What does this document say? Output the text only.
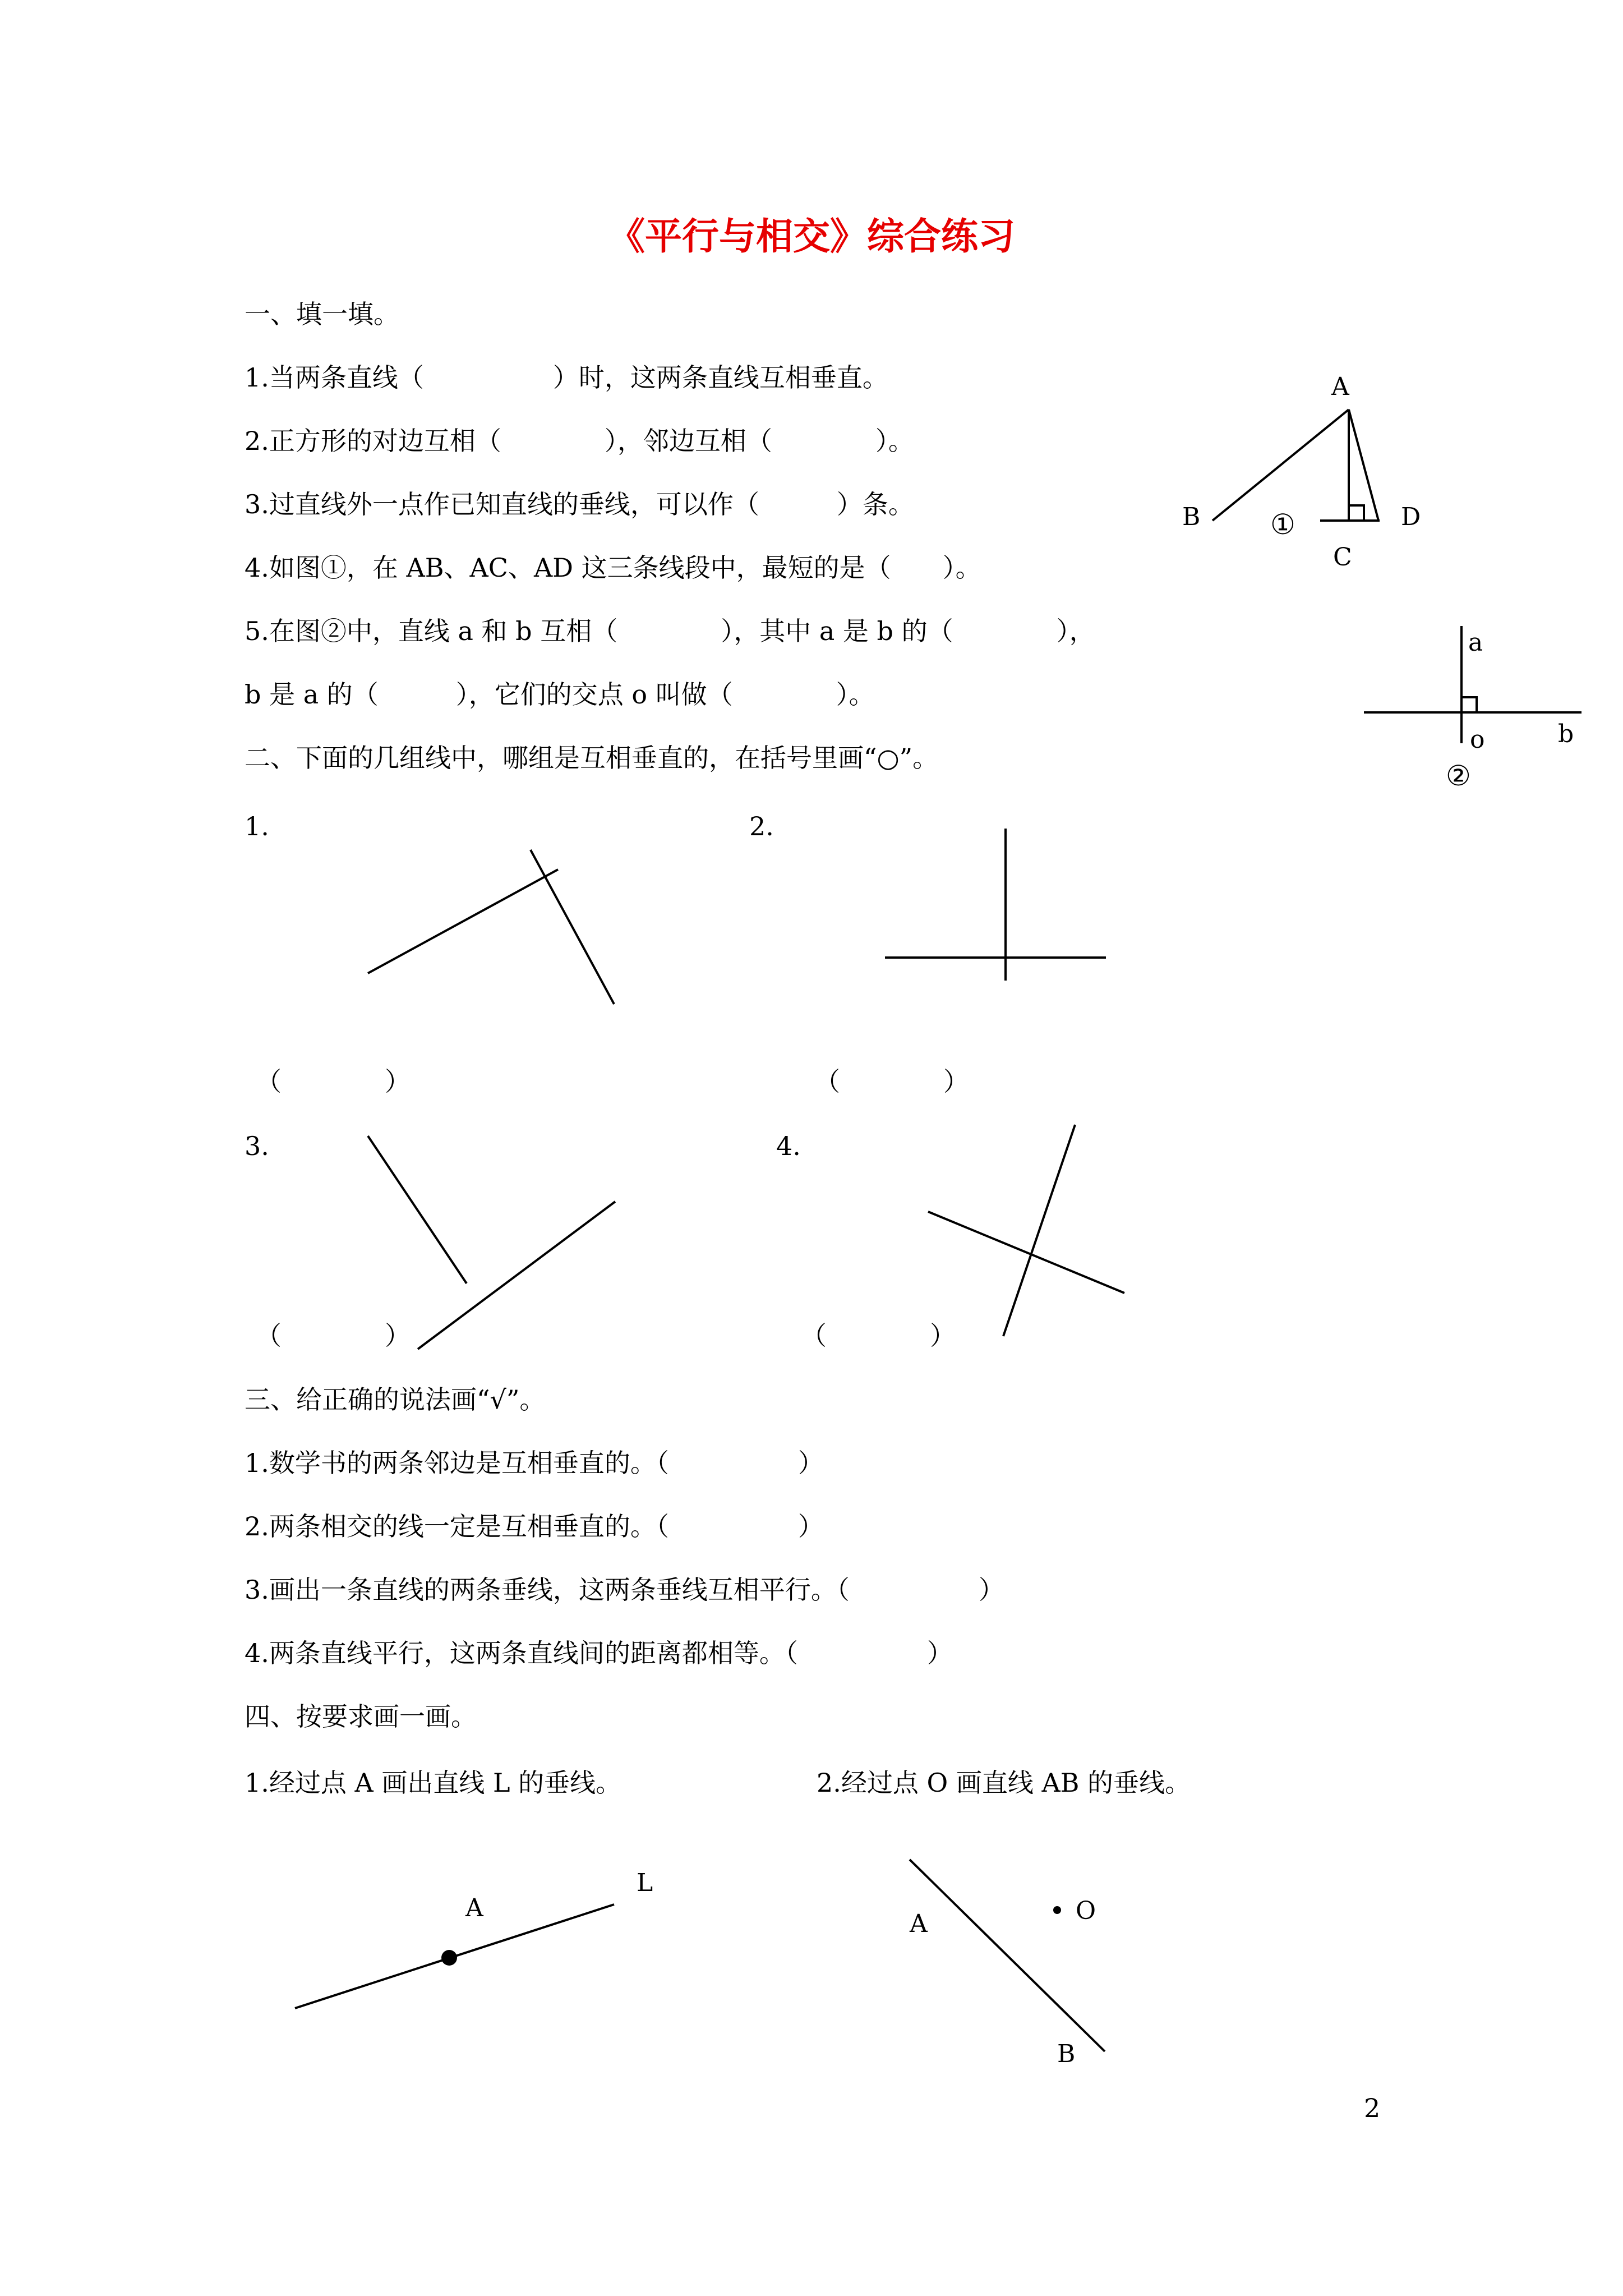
《平行与相交》综合练习
一、填一填。
1.当两条直线（　　　　　）时，这两条直线互相垂直。
2.正方形的对边互相（　　　　），邻边互相（　　　　）。
3.过直线外一点作已知直线的垂线，可以作（　　　）条。
4.如图①，在 AB、AC、AD 这三条线段中，最短的是（　　）。
5.在图②中，直线 a 和 b 互相（　　　　），其中 a 是 b 的（　　　　），
b 是 a 的（　　　），它们的交点 o 叫做（　　　　）。
A
B
C
D
①
a
b
o
②
二、下面的几组线中，哪组是互相垂直的，在括号里画“○”。
1.	2.
3.	4.
（　　　　）	（　　　　）
（　　　　）	（　　　　）
三、给正确的说法画“√”。
1.数学书的两条邻边是互相垂直的。（　　　　　）
2.两条相交的线一定是互相垂直的。（　　　　　）
3.画出一条直线的两条垂线，这两条垂线互相平行。（　　　　　）
4.两条直线平行，这两条直线间的距离都相等。（　　　　　）
四、按要求画一画。
1.经过点 A 画出直线 L 的垂线。	2.经过点 O 画直线 AB 的垂线。
A
L
A
B
O
2
